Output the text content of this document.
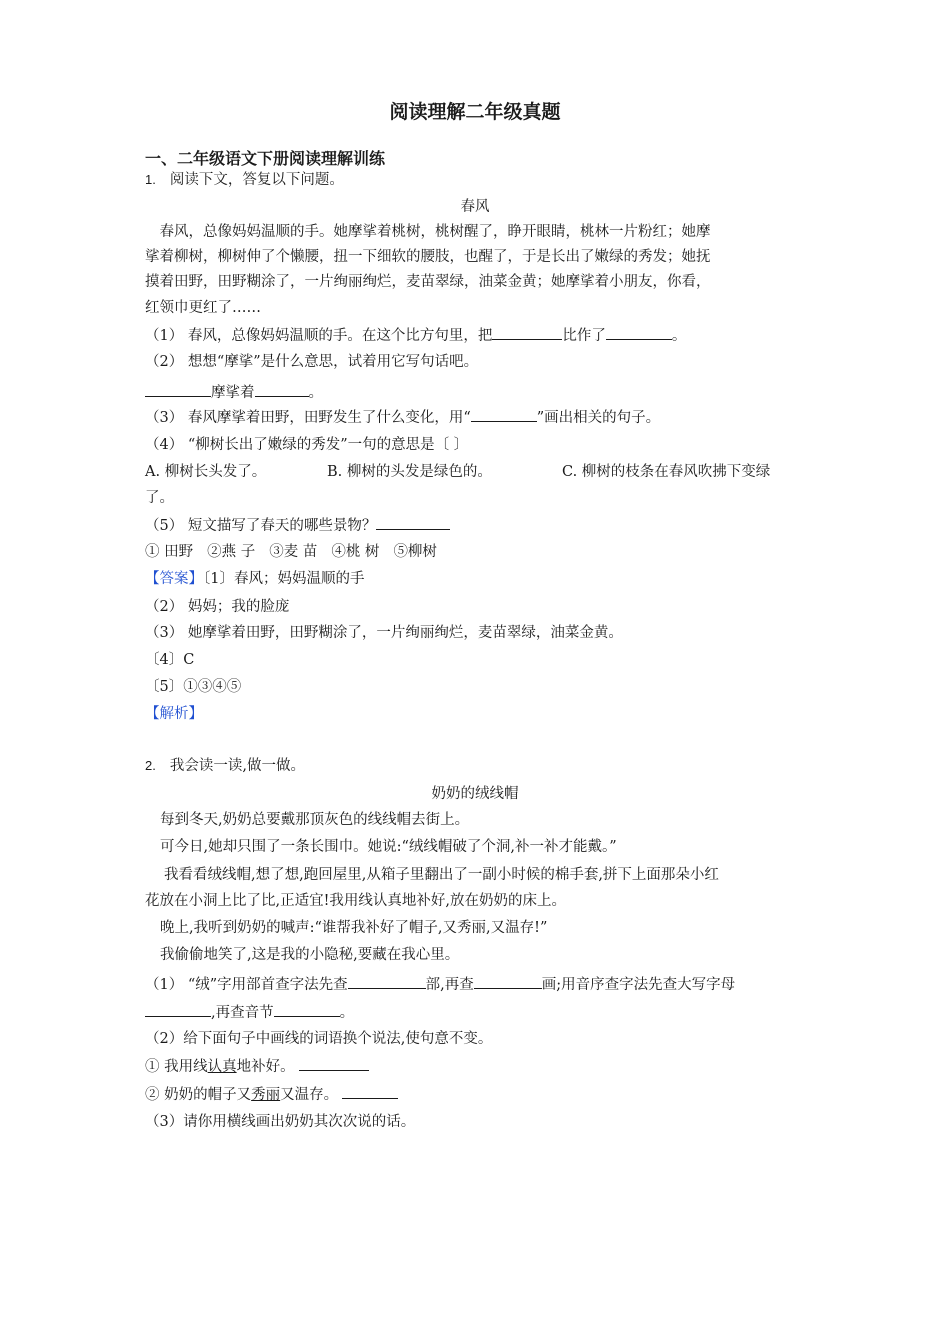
阅读理解二年级真题
一、二年级语文下册阅读理解训练
1. 阅读下文，答复以下问题。
春风
　春风，总像妈妈温顺的手。她摩挲着桃树，桃树醒了，睁开眼睛，桃林一片粉红；她摩
挲着柳树，柳树伸了个懒腰，扭一下细软的腰肢，也醒了，于是长出了嫩绿的秀发；她抚
摸着田野，田野糊涂了，一片绚丽绚烂，麦苗翠绿，油菜金黄；她摩挲着小朋友，你看，
红领巾更红了……
（1） 春风，总像妈妈温顺的手。在这个比方句里，把	比作了	。
（2） 想想“摩挲”是什么意思，试着用它写句话吧。
摩挲着	。
（3） 春风摩挲着田野，田野发生了什么变化，用“	”画出相关的句子。
（4） “柳树长出了嫩绿的秀发”一句的意思是〔 〕
A. 柳树长头发了。	B. 柳树的头发是绿色的。	C. 柳树的枝条在春风吹拂下变绿
了。
（5） 短文描写了春天的哪些景物？
① 田野 ②燕 子 ③麦 苗 ④桃 树 ⑤柳树
【答案】〔1〕春风；妈妈温顺的手
（2） 妈妈；我的脸庞
（3） 她摩挲着田野，田野糊涂了，一片绚丽绚烂，麦苗翠绿，油菜金黄。
〔4〕C
〔5〕①③④⑤
【解析】
2. 我会读一读,做一做。
奶奶的绒线帽
每到冬天,奶奶总要戴那顶灰色的线线帽去街上。
可今日,她却只围了一条长围巾。她说:“绒线帽破了个洞,补一补才能戴。”
我看看绒线帽,想了想,跑回屋里,从箱子里翻出了一副小时候的棉手套,拼下上面那朵小红
花放在小洞上比了比,正适宜!我用线认真地补好,放在奶奶的床上。
晚上,我听到奶奶的喊声:“谁帮我补好了帽子,又秀丽,又温存!”
我偷偷地笑了,这是我的小隐秘,要藏在我心里。
（1） “绒”字用部首查字法先查	部,再查	画;用音序查字法先查大写字母
,再查音节	。
（2）给下面句子中画线的词语换个说法,使句意不变。
① 我用线认真地补好。
② 奶奶的帽子又秀丽又温存。
（3）请你用横线画出奶奶其次次说的话。
